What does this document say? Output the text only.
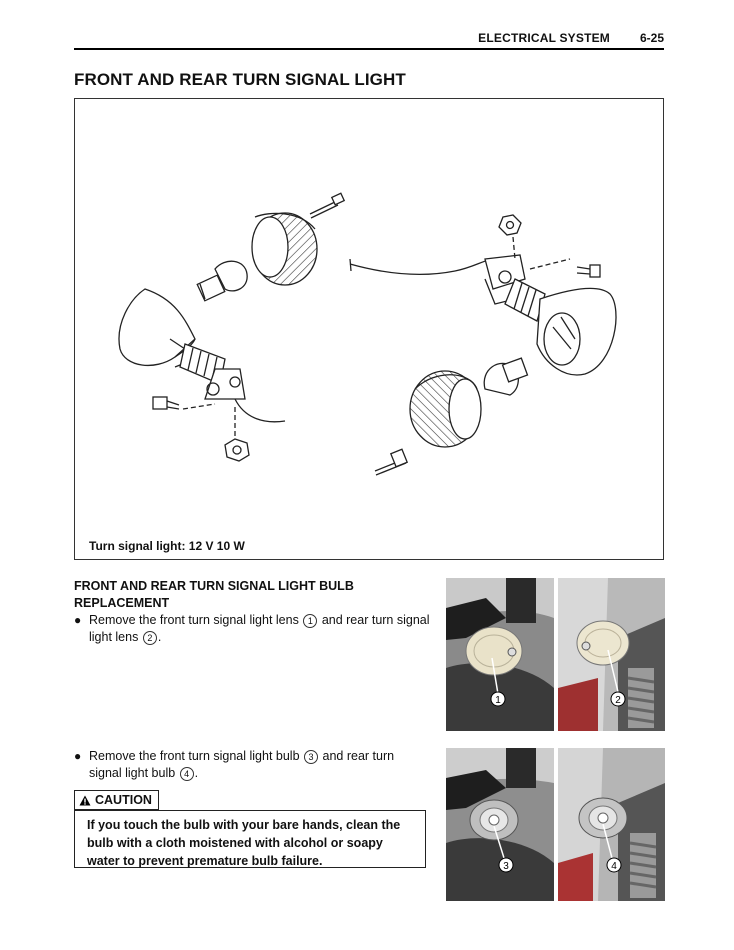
ELECTRICAL SYSTEM 6-25
FRONT AND REAR TURN SIGNAL LIGHT
Turn signal light: 12 V 10 W
FRONT AND REAR TURN SIGNAL LIGHT BULB REPLACEMENT
● Remove the front turn signal light lens 1 and rear turn signal light lens 2 .
● Remove the front turn signal light bulb 3 and rear turn signal light bulb 4 .
CAUTION
If you touch the bulb with your bare hands, clean the bulb with a cloth moistened with alcohol or soapy water to prevent premature bulb failure.
1	2
3	4
